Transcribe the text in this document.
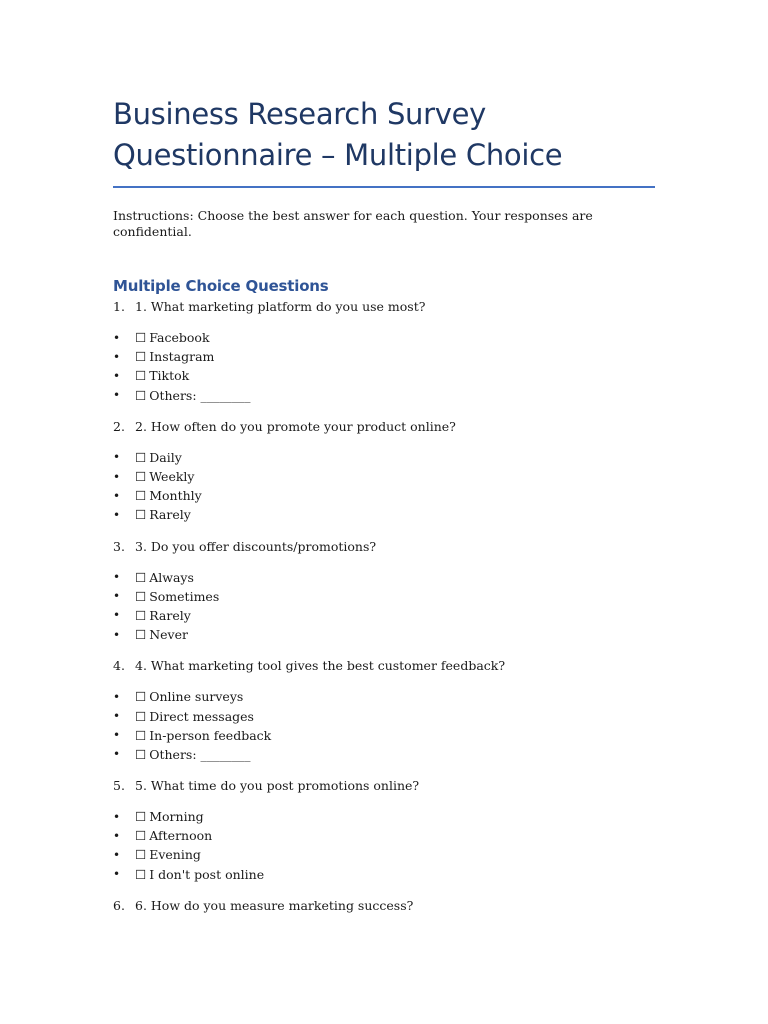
Business Research Survey
Questionnaire – Multiple Choice
Instructions: Choose the best answer for each question. Your responses are confidential.
Multiple Choice Questions
1. 1. What marketing platform do you use most?
•	☐ Facebook
•	☐ Instagram
•	☐ Tiktok
•	☐ Others: ________
2. 2. How often do you promote your product online?
•	☐ Daily
•	☐ Weekly
•	☐ Monthly
•	☐ Rarely
3. 3. Do you offer discounts/promotions?
•	☐ Always
•	☐ Sometimes
•	☐ Rarely
•	☐ Never
4. 4. What marketing tool gives the best customer feedback?
•	☐ Online surveys
•	☐ Direct messages
•	☐ In-person feedback
•	☐ Others: ________
5. 5. What time do you post promotions online?
•	☐ Morning
•	☐ Afternoon
•	☐ Evening
•	☐ I don't post online
6. 6. How do you measure marketing success?
